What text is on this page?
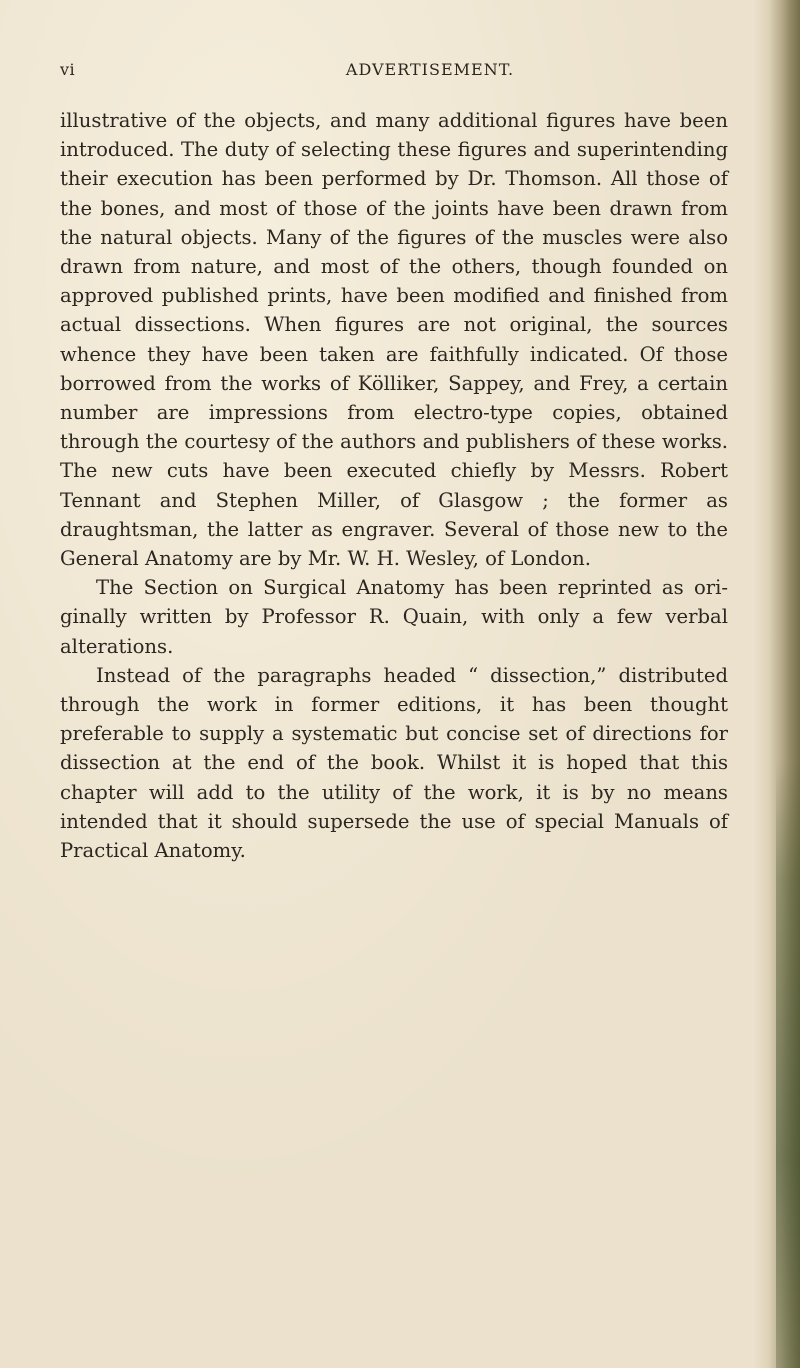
vi	ADVERTISEMENT.

illustrative of the objects, and many additional figures have been introduced. The duty of selecting these figures and superintending their execution has been performed by Dr. Thomson. All those of the bones, and most of those of the joints have been drawn from the natural objects. Many of the figures of the muscles were also drawn from nature, and most of the others, though founded on approved published prints, have been modified and finished from actual dissections. When figures are not original, the sources whence they have been taken are faithfully indicated. Of those borrowed from the works of Kölliker, Sappey, and Frey, a certain number are impressions from electro-type copies, obtained through the courtesy of the authors and publishers of these works. The new cuts have been executed chiefly by Messrs. Robert Tennant and Stephen Miller, of Glasgow ; the former as draughtsman, the latter as engraver. Several of those new to the General Anatomy are by Mr. W. H. Wesley, of London.

The Section on Surgical Anatomy has been reprinted as ori- ginally written by Professor R. Quain, with only a few verbal alterations.

Instead of the paragraphs headed “ dissection,” distributed through the work in former editions, it has been thought preferable to supply a systematic but concise set of directions for dissection at the end of the book. Whilst it is hoped that this chapter will add to the utility of the work, it is by no means intended that it should supersede the use of special Manuals of Practical Anatomy.
